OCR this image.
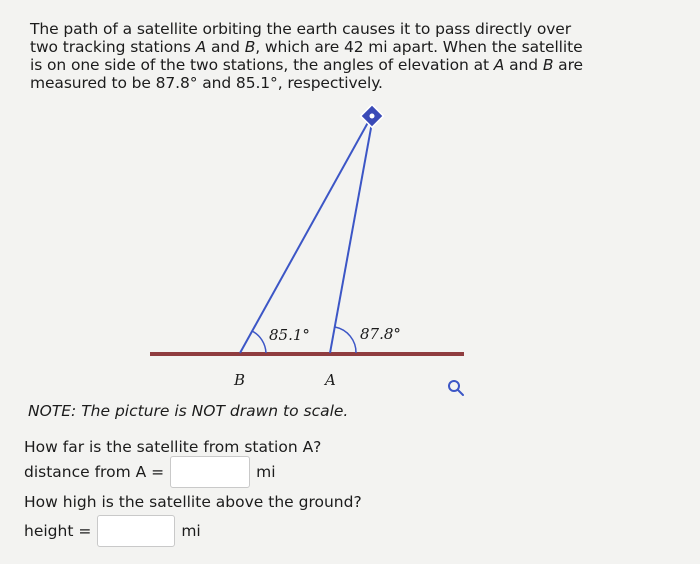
The path of a satellite orbiting the earth causes it to pass directly over two tracking stations A and B, which are 42 mi apart. When the satellite is on one side of the two stations, the angles of elevation at A and B are measured to be 87.8° and 85.1°, respectively.
85.1°	87.8°
B	A
NOTE: The picture is NOT drawn to scale.
How far is the satellite from station A?
distance from A =	mi
How high is the satellite above the ground?
height =	mi
